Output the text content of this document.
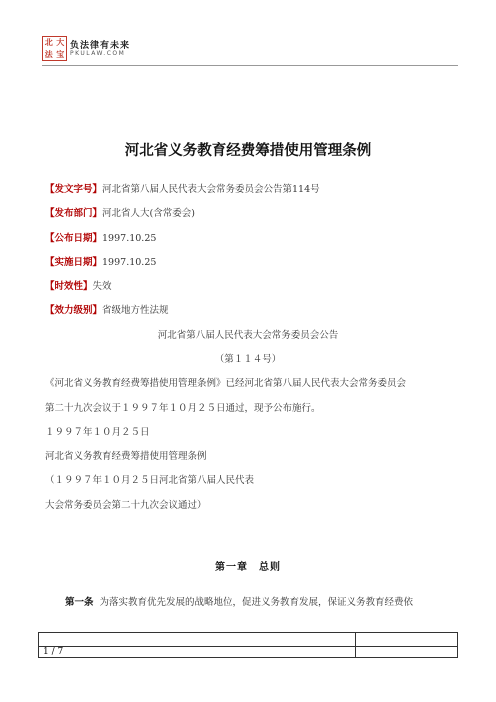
北 大
法 宝
负法律有未来
PKULAW.COM
河北省义务教育经费筹措使用管理条例
【发文字号】河北省第八届人民代表大会常务委员会公告第114号
【发布部门】河北省人大(含常委会)
【公布日期】1997.10.25
【实施日期】1997.10.25
【时效性】失效
【效力级别】省级地方性法规
河北省第八届人民代表大会常务委员会公告
（第１１４号）
《河北省义务教育经费筹措使用管理条例》已经河北省第八届人民代表大会常务委员会
第二十九次会议于１９９７年１０月２５日通过，现予公布施行。
１９９７年１０月２５日
河北省义务教育经费筹措使用管理条例
（１９９７年１０月２５日河北省第八届人民代表
大会常务委员会第二十九次会议通过）
第一章　总则
第一条 为落实教育优先发展的战略地位，促进义务教育发展，保证义务教育经费依
1 / 7
